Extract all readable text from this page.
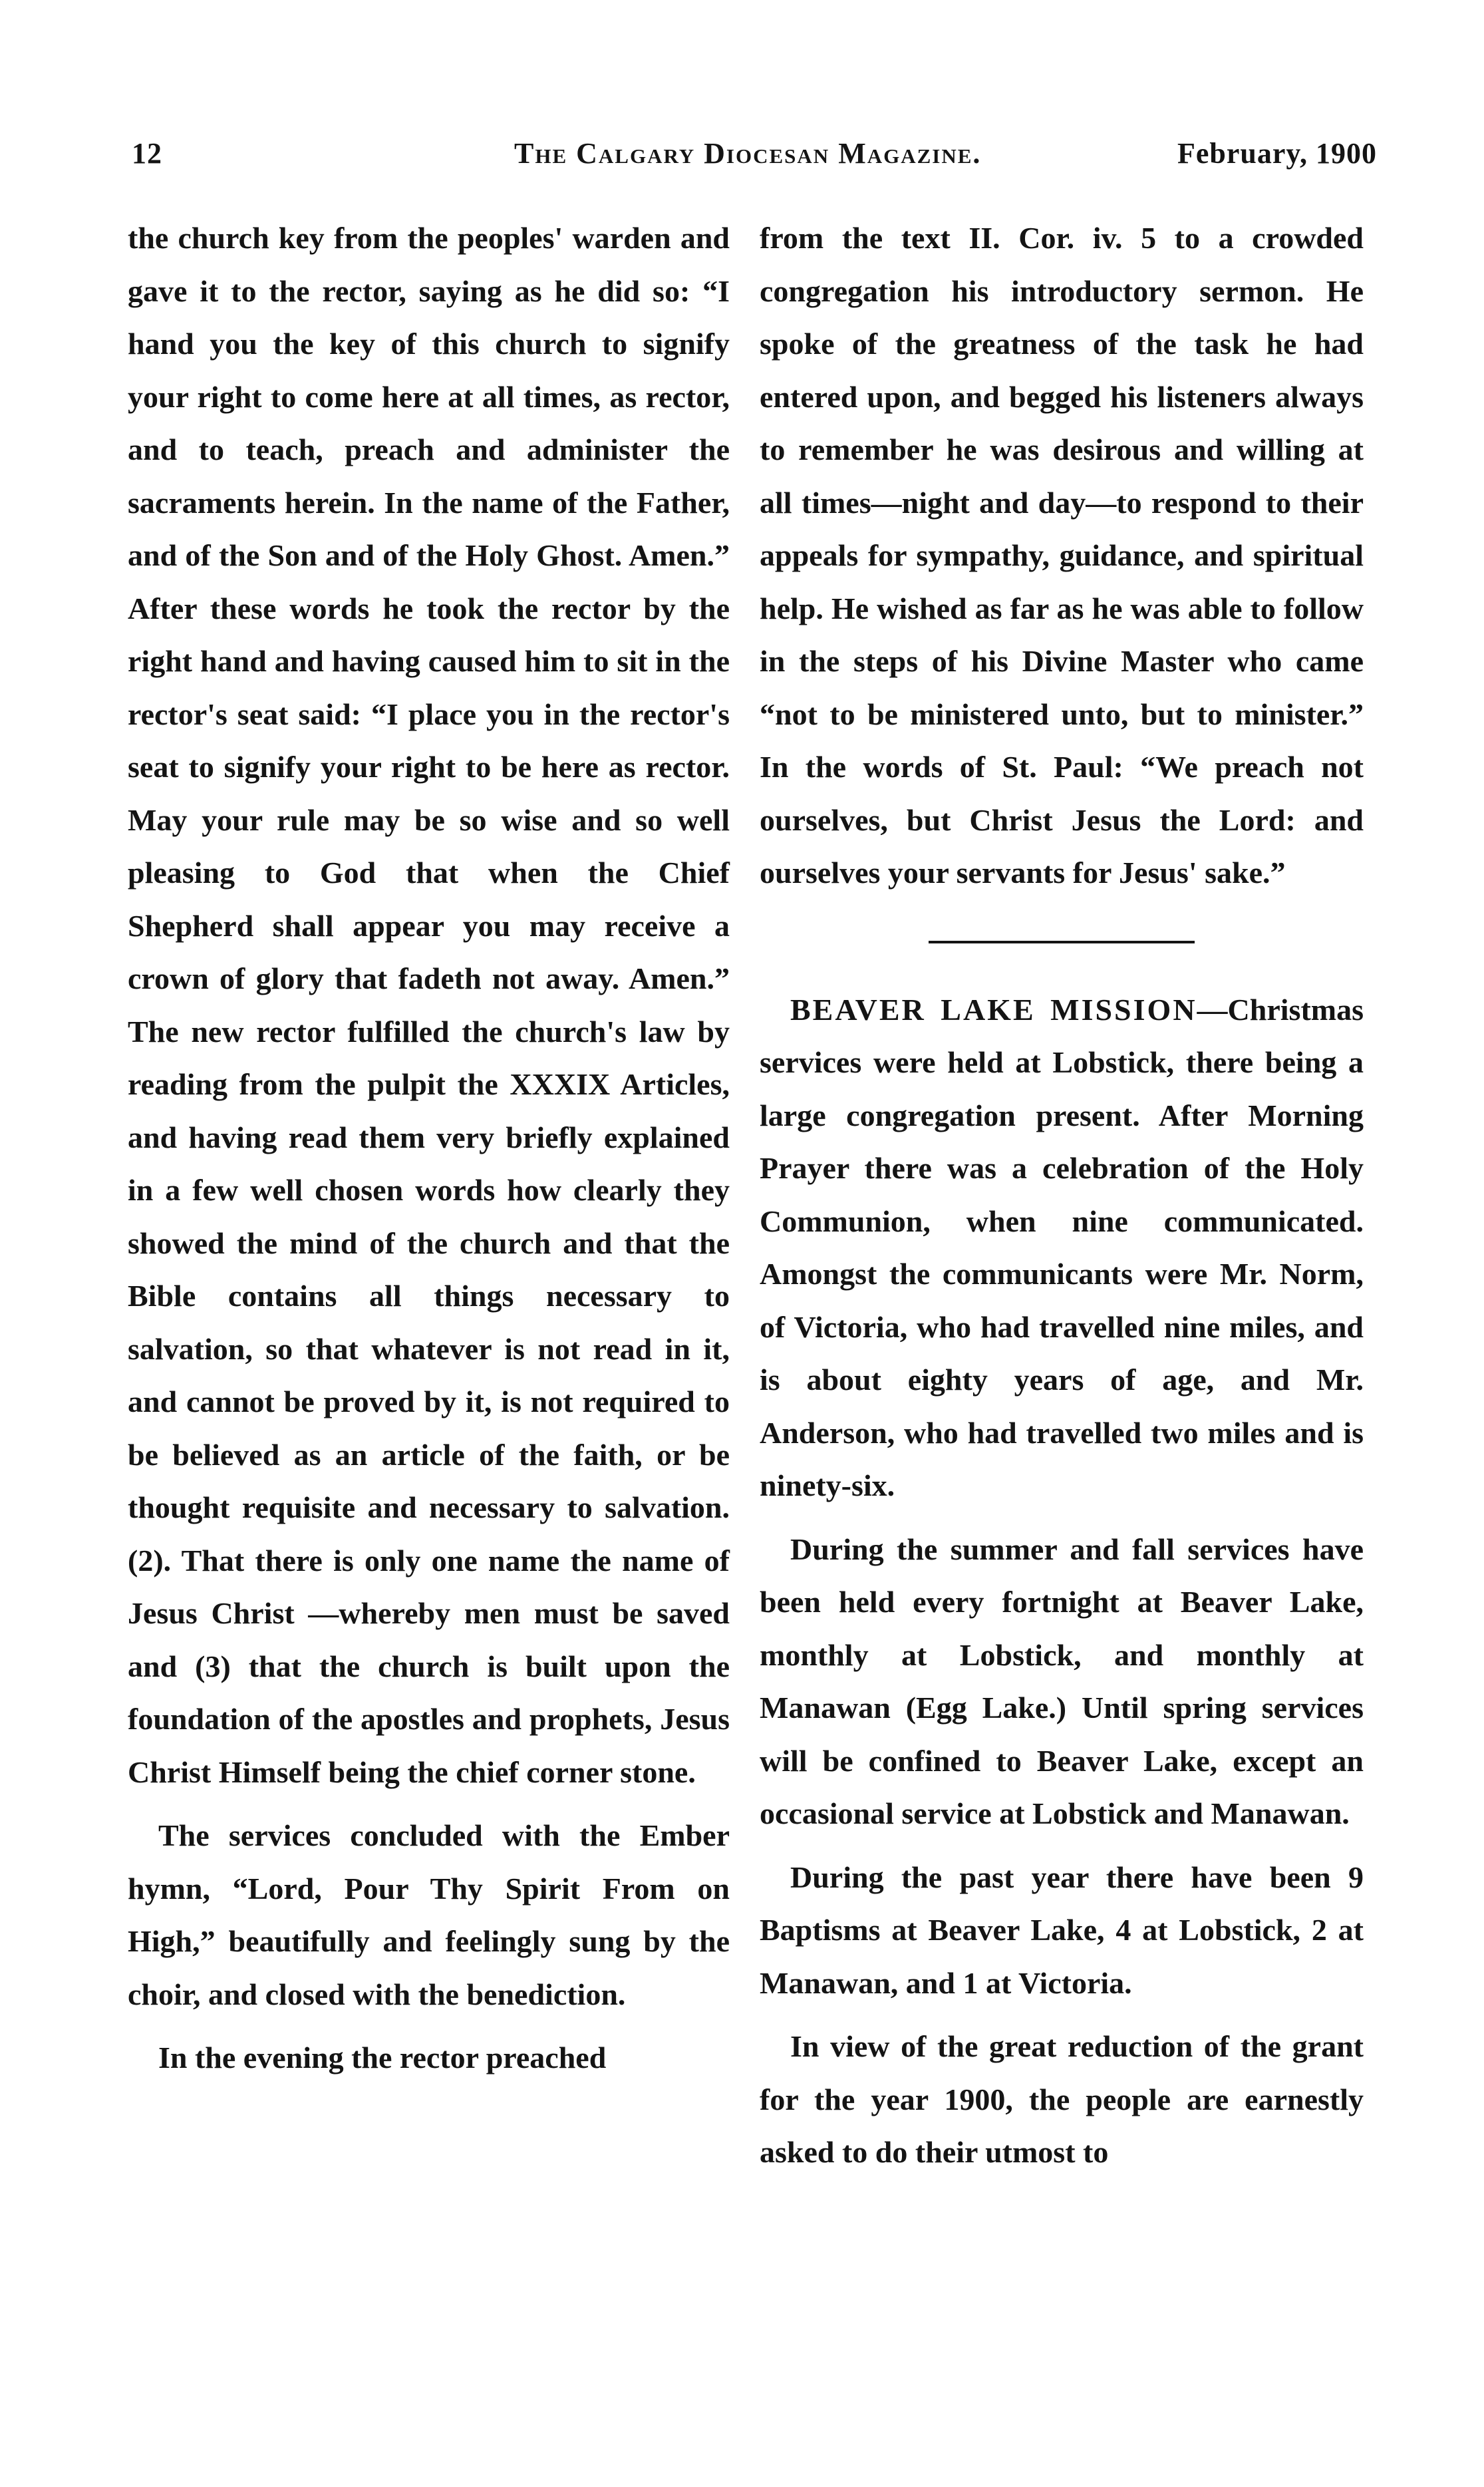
12	The Calgary Diocesan Magazine.	February, 1900

the church key from the peoples' warden and gave it to the rector, saying as he did so: “I hand you the key of this church to signify your right to come here at all times, as rector, and to teach, preach and administer the sacraments herein. In the name of the Father, and of the Son and of the Holy Ghost. Amen.” After these words he took the rector by the right hand and having caused him to sit in the rector's seat said: “I place you in the rector's seat to signify your right to be here as rector. May your rule may be so wise and so well pleasing to God that when the Chief Shepherd shall appear you may receive a crown of glory that fadeth not away. Amen.” The new rector fulfilled the church's law by reading from the pulpit the XXXIX Articles, and having read them very briefly explained in a few well chosen words how clearly they showed the mind of the church and that the Bible contains all things necessary to salvation, so that whatever is not read in it, and cannot be proved by it, is not required to be believed as an article of the faith, or be thought requisite and necessary to salvation. (2). That there is only one name the name of Jesus Christ —whereby men must be saved and (3) that the church is built upon the foundation of the apostles and prophets, Jesus Christ Himself being the chief corner stone.

The services concluded with the Ember hymn, “Lord, Pour Thy Spirit From on High,” beautifully and feelingly sung by the choir, and closed with the benediction.

In the evening the rector preached

from the text II. Cor. iv. 5 to a crowded congregation his introductory sermon. He spoke of the greatness of the task he had entered upon, and begged his listeners always to remember he was desirous and willing at all times—night and day—to respond to their appeals for sympathy, guidance, and spiritual help. He wished as far as he was able to follow in the steps of his Divine Master who came “not to be ministered unto, but to minister.” In the words of St. Paul: “We preach not ourselves, but Christ Jesus the Lord: and ourselves your servants for Jesus' sake.”

BEAVER LAKE MISSION—Christmas services were held at Lobstick, there being a large congregation present. After Morning Prayer there was a celebration of the Holy Communion, when nine communicated. Amongst the communicants were Mr. Norm, of Victoria, who had travelled nine miles, and is about eighty years of age, and Mr. Anderson, who had travelled two miles and is ninety-six.

During the summer and fall services have been held every fortnight at Beaver Lake, monthly at Lobstick, and monthly at Manawan (Egg Lake.) Until spring services will be confined to Beaver Lake, except an occasional service at Lobstick and Manawan.

During the past year there have been 9 Baptisms at Beaver Lake, 4 at Lobstick, 2 at Manawan, and 1 at Victoria.

In view of the great reduction of the grant for the year 1900, the people are earnestly asked to do their utmost to
